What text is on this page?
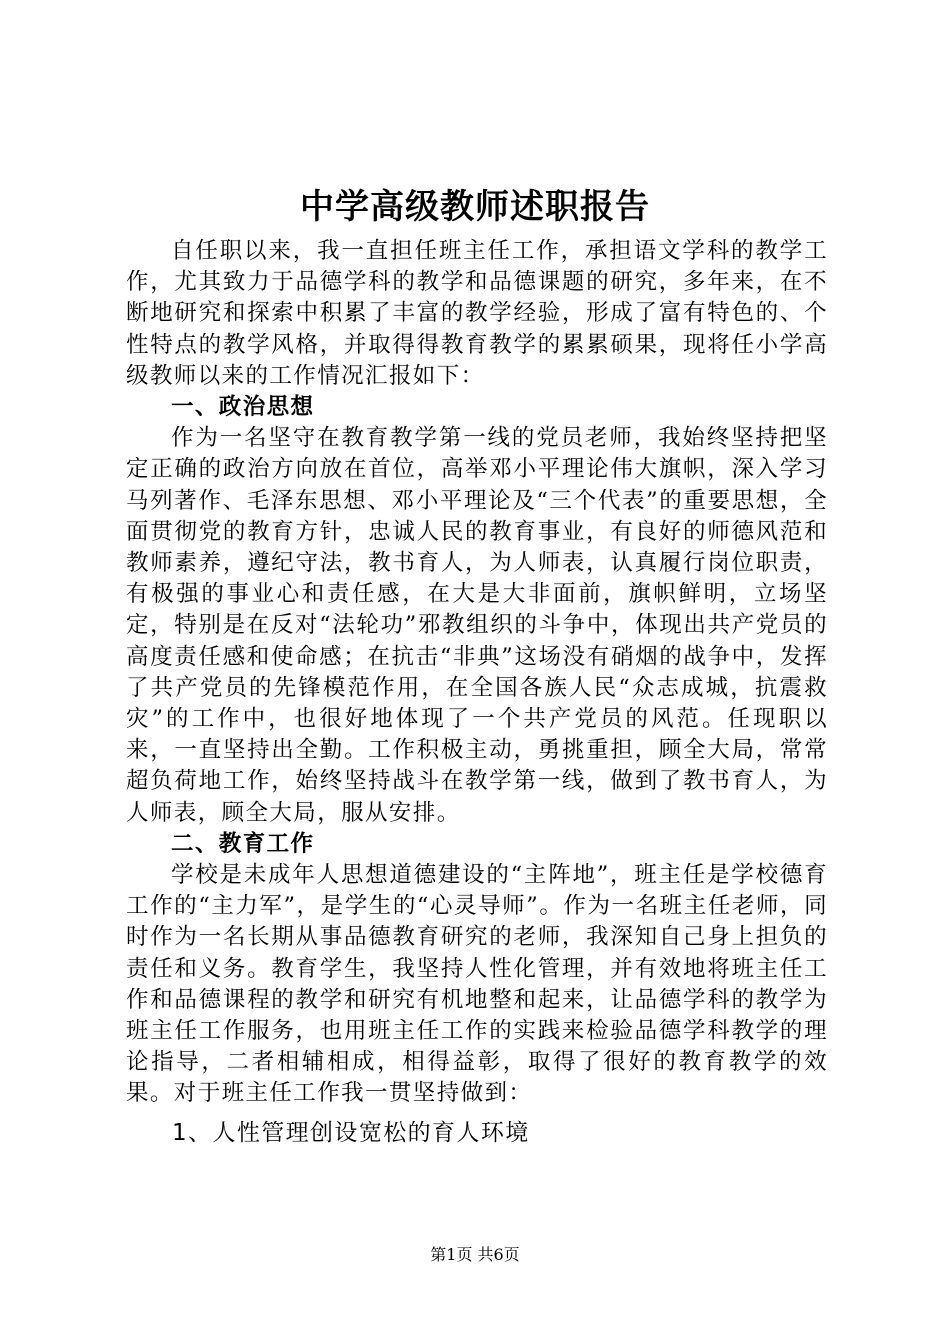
中学高级教师述职报告

自任职以来，我一直担任班主任工作，承担语文学科的教学工作，尤其致力于品德学科的教学和品德课题的研究，多年来，在不断地研究和探索中积累了丰富的教学经验，形成了富有特色的、个性特点的教学风格，并取得得教育教学的累累硕果，现将任小学高级教师以来的工作情况汇报如下：

一、政治思想

作为一名坚守在教育教学第一线的党员老师，我始终坚持把坚定正确的政治方向放在首位，高举邓小平理论伟大旗帜，深入学习马列著作、毛泽东思想、邓小平理论及“三个代表”的重要思想，全面贯彻党的教育方针，忠诚人民的教育事业，有良好的师德风范和教师素养，遵纪守法，教书育人，为人师表，认真履行岗位职责，有极强的事业心和责任感，在大是大非面前，旗帜鲜明，立场坚定，特别是在反对“法轮功”邪教组织的斗争中，体现出共产党员的高度责任感和使命感；在抗击“非典”这场没有硝烟的战争中，发挥了共产党员的先锋模范作用，在全国各族人民“众志成城，抗震救灾”的工作中，也很好地体现了一个共产党员的风范。任现职以来，一直坚持出全勤。工作积极主动，勇挑重担，顾全大局，常常超负荷地工作，始终坚持战斗在教学第一线，做到了教书育人，为人师表，顾全大局，服从安排。

二、教育工作

学校是未成年人思想道德建设的“主阵地”，班主任是学校德育工作的“主力军”，是学生的“心灵导师”。作为一名班主任老师，同时作为一名长期从事品德教育研究的老师，我深知自己身上担负的责任和义务。教育学生，我坚持人性化管理，并有效地将班主任工作和品德课程的教学和研究有机地整和起来，让品德学科的教学为班主任工作服务，也用班主任工作的实践来检验品德学科教学的理论指导，二者相辅相成，相得益彰，取得了很好的教育教学的效果。对于班主任工作我一贯坚持做到：

1、人性管理创设宽松的育人环境
第1页 共6页
